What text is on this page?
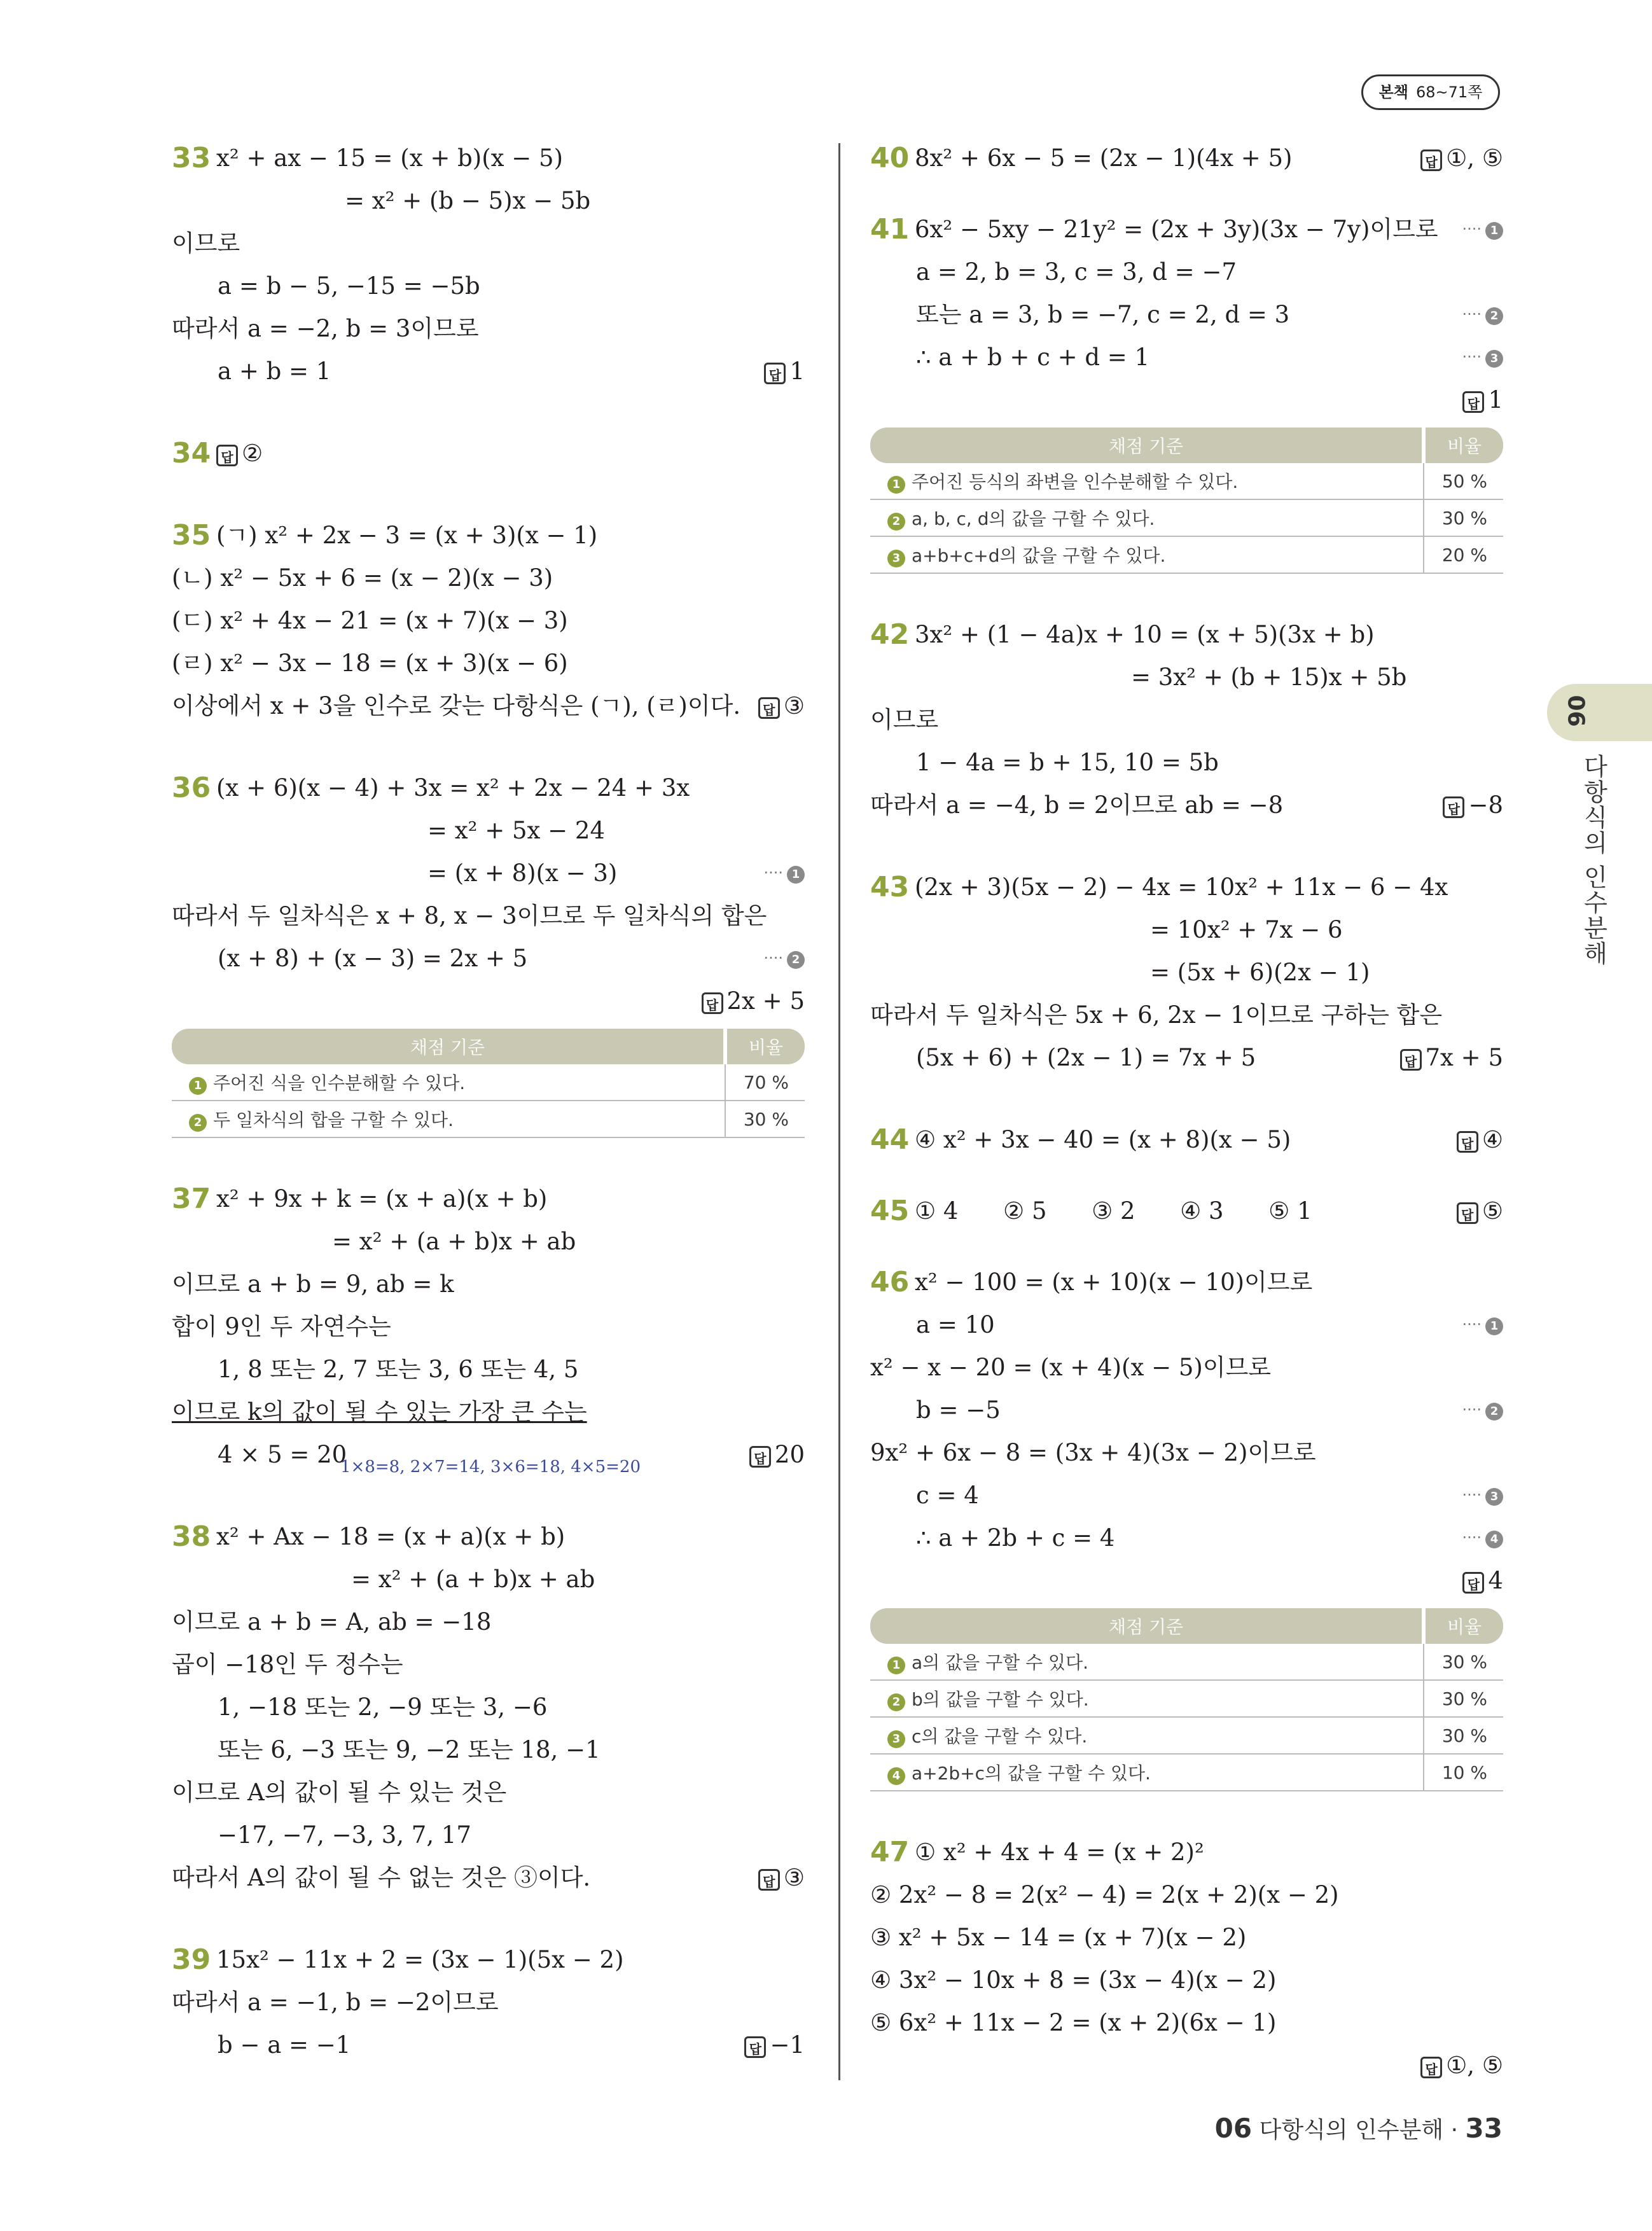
본책 68~71쪽
33 x² + ax − 15 = (x + b)(x − 5)
= x² + (b − 5)x − 5b
이므로
a = b − 5, −15 = −5b
따라서 a = −2, b = 3이므로
a + b = 1	답 1
34 답 ②
35 (ㄱ) x² + 2x − 3 = (x + 3)(x − 1)
(ㄴ) x² − 5x + 6 = (x − 2)(x − 3)
(ㄷ) x² + 4x − 21 = (x + 7)(x − 3)
(ㄹ) x² − 3x − 18 = (x + 3)(x − 6)
이상에서 x + 3을 인수로 갖는 다항식은 (ㄱ), (ㄹ)이다.	답 ③
36 (x + 6)(x − 4) + 3x = x² + 2x − 24 + 3x
= x² + 5x − 24
= (x + 8)(x − 3)	···· 1
따라서 두 일차식은 x + 8, x − 3이므로 두 일차식의 합은
(x + 8) + (x − 3) = 2x + 5	···· 2
답 2x + 5
채점 기준	비율
1 주어진 식을 인수분해할 수 있다.	70 %
2 두 일차식의 합을 구할 수 있다.	30 %
37 x² + 9x + k = (x + a)(x + b)
= x² + (a + b)x + ab
이므로 a + b = 9, ab = k
합이 9인 두 자연수는
1, 8 또는 2, 7 또는 3, 6 또는 4, 5
이므로 k의 값이 될 수 있는 가장 큰 수는
4 × 5 = 20
1×8=8, 2×7=14, 3×6=18, 4×5=20	답 20
38 x² + Ax − 18 = (x + a)(x + b)
= x² + (a + b)x + ab
이므로 a + b = A, ab = −18
곱이 −18인 두 정수는
1, −18 또는 2, −9 또는 3, −6
또는 6, −3 또는 9, −2 또는 18, −1
이므로 A의 값이 될 수 있는 것은
−17, −7, −3, 3, 7, 17
따라서 A의 값이 될 수 없는 것은 ③이다.	답 ③
39 15x² − 11x + 2 = (3x − 1)(5x − 2)
따라서 a = −1, b = −2이므로
b − a = −1	답 −1
40 8x² + 6x − 5 = (2x − 1)(4x + 5)	답 ①, ⑤
41 6x² − 5xy − 21y² = (2x + 3y)(3x − 7y)이므로 ···· 1
a = 2, b = 3, c = 3, d = −7
또는 a = 3, b = −7, c = 2, d = 3	···· 2
∴ a + b + c + d = 1	···· 3
답 1
채점 기준	비율
1 주어진 등식의 좌변을 인수분해할 수 있다.	50 %
2 a, b, c, d의 값을 구할 수 있다.	30 %
3 a+b+c+d의 값을 구할 수 있다.	20 %
42 3x² + (1 − 4a)x + 10 = (x + 5)(3x + b)
= 3x² + (b + 15)x + 5b
이므로
1 − 4a = b + 15, 10 = 5b
따라서 a = −4, b = 2이므로 ab = −8	답 −8
43 (2x + 3)(5x − 2) − 4x = 10x² + 11x − 6 − 4x
= 10x² + 7x − 6
= (5x + 6)(2x − 1)
따라서 두 일차식은 5x + 6, 2x − 1이므로 구하는 합은
(5x + 6) + (2x − 1) = 7x + 5	답 7x + 5
44 ④ x² + 3x − 40 = (x + 8)(x − 5)	답 ④
45 ① 4      ② 5      ③ 2      ④ 3      ⑤ 1	답 ⑤
46 x² − 100 = (x + 10)(x − 10)이므로
a = 10	···· 1
x² − x − 20 = (x + 4)(x − 5)이므로
b = −5	···· 2
9x² + 6x − 8 = (3x + 4)(3x − 2)이므로
c = 4	···· 3
∴ a + 2b + c = 4	···· 4
답 4
채점 기준	비율
1 a의 값을 구할 수 있다.	30 %
2 b의 값을 구할 수 있다.	30 %
3 c의 값을 구할 수 있다.	30 %
4 a+2b+c의 값을 구할 수 있다.	10 %
47 ① x² + 4x + 4 = (x + 2)²
② 2x² − 8 = 2(x² − 4) = 2(x + 2)(x − 2)
③ x² + 5x − 14 = (x + 7)(x − 2)
④ 3x² − 10x + 8 = (3x − 4)(x − 2)
⑤ 6x² + 11x − 2 = (x + 2)(6x − 1)
답 ①, ⑤
06
다항식의 인수분해
06 다항식의 인수분해 · 33
